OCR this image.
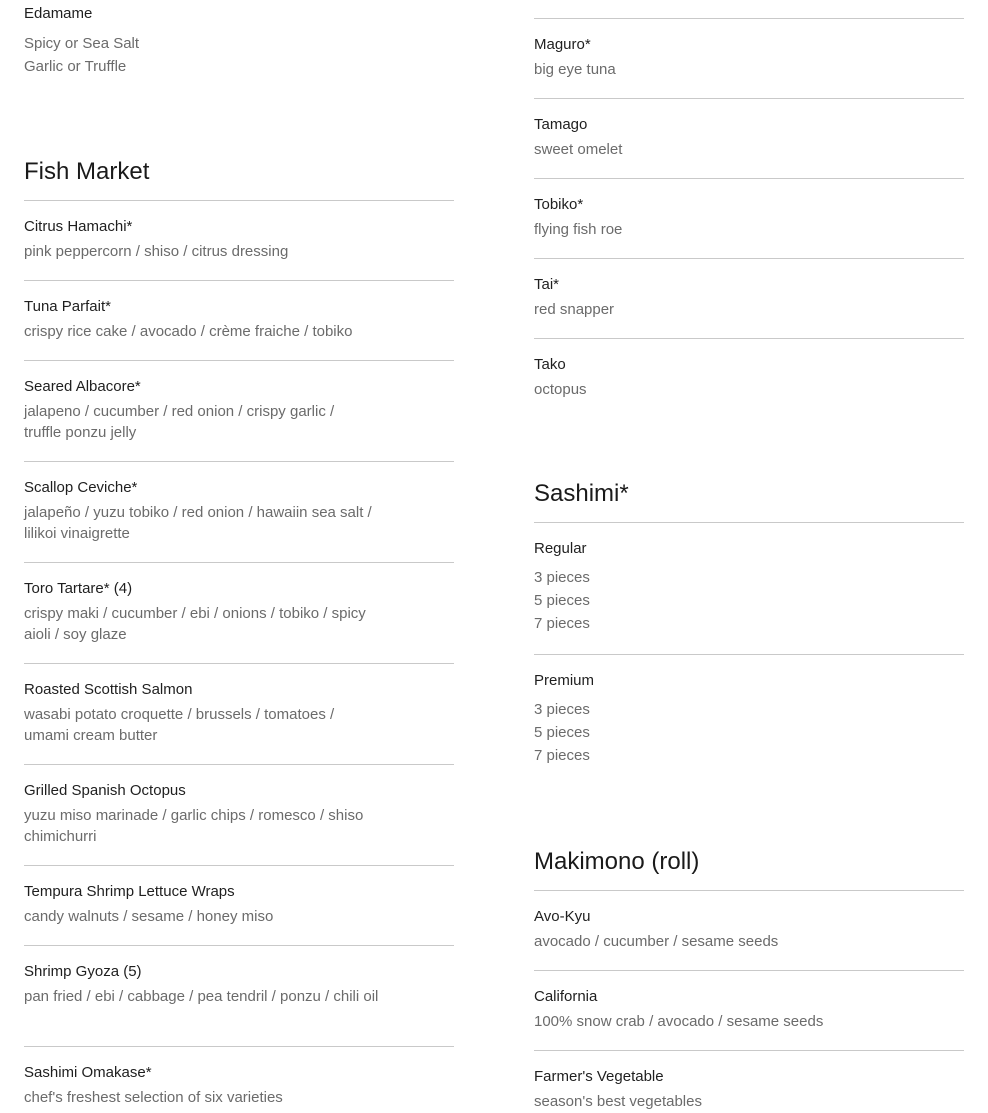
Edamame
Spicy or Sea Salt
Garlic or Truffle
Fish Market
Citrus Hamachi*
pink peppercorn / shiso / citrus dressing
Tuna Parfait*
crispy rice cake / avocado / crème fraiche / tobiko
Seared Albacore*
jalapeno / cucumber / red onion / crispy garlic / truffle ponzu jelly
Scallop Ceviche*
jalapeño / yuzu tobiko / red onion / hawaiin sea salt / lilikoi vinaigrette
Toro Tartare* (4)
crispy maki / cucumber / ebi / onions / tobiko / spicy aioli / soy glaze
Roasted Scottish Salmon
wasabi potato croquette / brussels / tomatoes / umami cream butter
Grilled Spanish Octopus
yuzu miso marinade / garlic chips / romesco / shiso chimichurri
Tempura Shrimp Lettuce Wraps
candy walnuts / sesame / honey miso
Shrimp Gyoza (5)
pan fried / ebi / cabbage / pea tendril / ponzu / chili oil
Sashimi Omakase*
chef's freshest selection of six varieties
Maguro*
big eye tuna
Tamago
sweet omelet
Tobiko*
flying fish roe
Tai*
red snapper
Tako
octopus
Sashimi*
Regular
3 pieces
5 pieces
7 pieces
Premium
3 pieces
5 pieces
7 pieces
Makimono (roll)
Avo-Kyu
avocado / cucumber / sesame seeds
California
100% snow crab / avocado / sesame seeds
Farmer's Vegetable
season's best vegetables
